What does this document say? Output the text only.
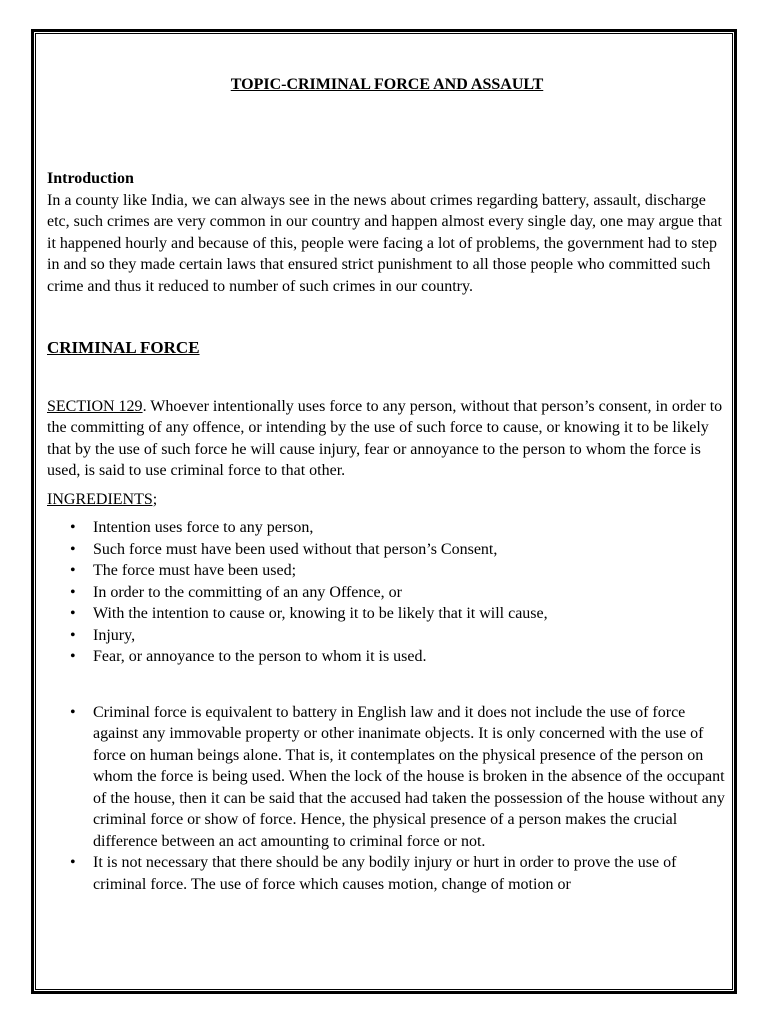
TOPIC-CRIMINAL FORCE AND ASSAULT

Introduction

In a county like India, we can always see in the news about crimes regarding battery, assault, discharge etc, such crimes are very common in our country and happen almost every single day, one may argue that it happened hourly and because of this, people were facing a lot of problems, the government had to step in and so they made certain laws that ensured strict punishment to all those people who committed such crime and thus it reduced to number of such crimes in our country.

CRIMINAL FORCE

SECTION 129. Whoever intentionally uses force to any person, without that person’s consent, in order to the committing of any offence, or intending by the use of such force to cause, or knowing it to be likely that by the use of such force he will cause injury, fear or annoyance to the person to whom the force is used, is said to use criminal force to that other.

INGREDIENTS;

• Intention uses force to any person,
• Such force must have been used without that person’s Consent,
• The force must have been used;
• In order to the committing of an any Offence, or
• With the intention to cause or, knowing it to be likely that it will cause,
• Injury,
• Fear, or annoyance to the person to whom it is used.
• Criminal force is equivalent to battery in English law and it does not include the use of force against any immovable property or other inanimate objects. It is only concerned with the use of force on human beings alone. That is, it contemplates on the physical presence of the person on whom the force is being used. When the lock of the house is broken in the absence of the occupant of the house, then it can be said that the accused had taken the possession of the house without any criminal force or show of force. Hence, the physical presence of a person makes the crucial difference between an act amounting to criminal force or not.
• It is not necessary that there should be any bodily injury or hurt in order to prove the use of criminal force. The use of force which causes motion, change of motion or
